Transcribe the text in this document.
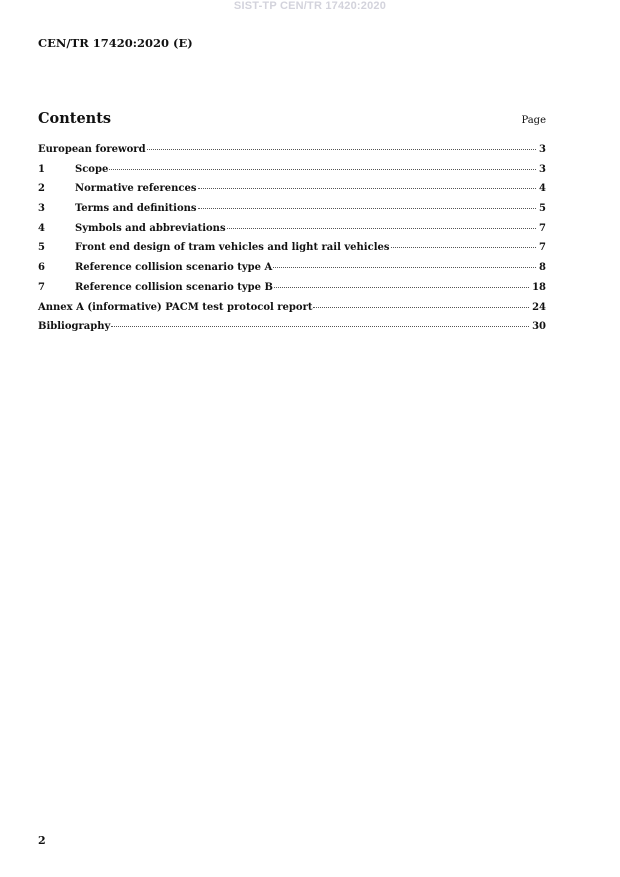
SIST-TP CEN/TR 17420:2020
CEN/TR 17420:2020 (E)
Contents	Page
European foreword	3
1	Scope	3
2	Normative references	4
3	Terms and definitions	5
4	Symbols and abbreviations	7
5	Front end design of tram vehicles and light rail vehicles	7
6	Reference collision scenario type A	8
7	Reference collision scenario type B	18
Annex A (informative) PACM test protocol report	24
Bibliography	30
2
